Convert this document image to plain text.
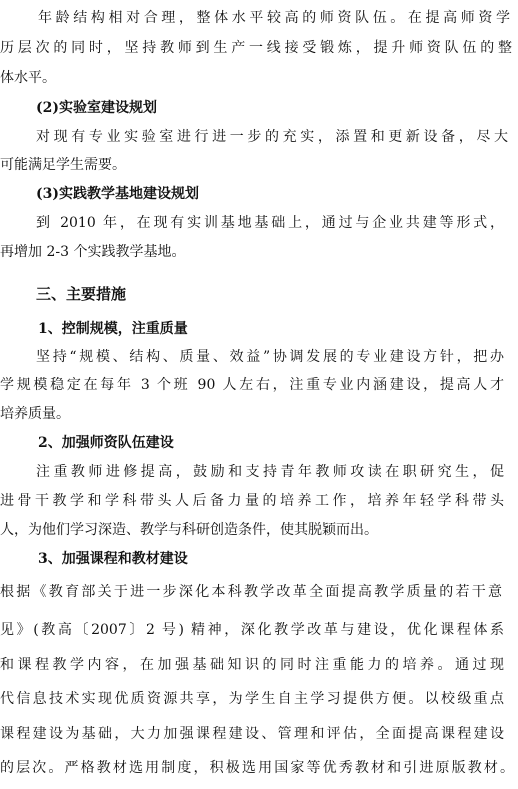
年龄结构相对合理，整体水平较高的师资队伍。在提高师资学
历层次的同时，坚持教师到生产一线接受锻炼，提升师资队伍的整
体水平。
(2)实验室建设规划
对现有专业实验室进行进一步的充实，添置和更新设备，尽大
可能满足学生需要。
(3)实践教学基地建设规划
到 2010 年，在现有实训基地基础上，通过与企业共建等形式，
再增加 2-3 个实践教学基地。
三、主要措施
1、控制规模，注重质量
坚持“规模、结构、质量、效益”协调发展的专业建设方针，把办
学规模稳定在每年 3 个班 90 人左右，注重专业内涵建设，提高人才
培养质量。
2、加强师资队伍建设
注重教师进修提高，鼓励和支持青年教师攻读在职研究生，促
进骨干教学和学科带头人后备力量的培养工作，培养年轻学科带头
人，为他们学习深造、教学与科研创造条件，使其脱颖而出。
3、加强课程和教材建设
根据《教育部关于进一步深化本科教学改革全面提高教学质量的若干意
见》(教高〔2007〕2 号) 精神，深化教学改革与建设，优化课程体系
和课程教学内容，在加强基础知识的同时注重能力的培养。通过现
代信息技术实现优质资源共享，为学生自主学习提供方便。以校级重点
课程建设为基础，大力加强课程建设、管理和评估，全面提高课程建设
的层次。严格教材选用制度，积极选用国家等优秀教材和引进原版教材。
